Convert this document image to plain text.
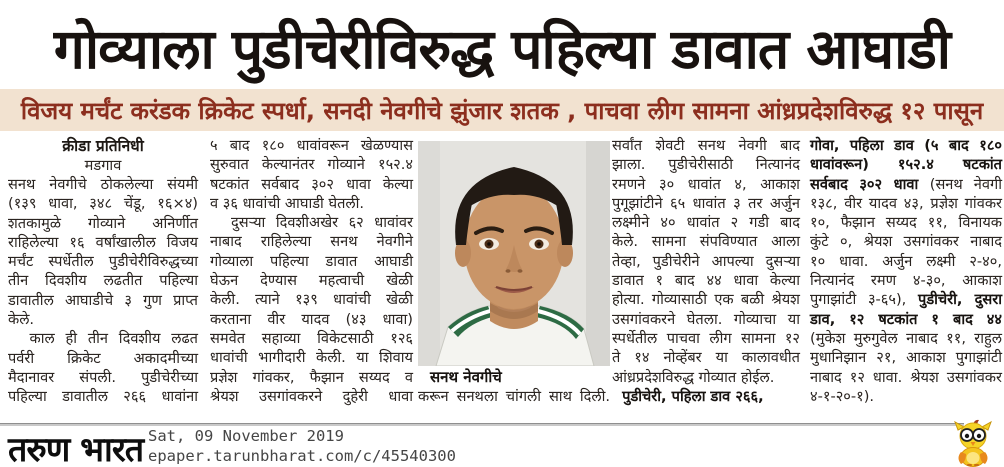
गोव्याला पुडीचेरीविरुद्ध पहिल्या डावात आघाडी
विजय मर्चंट करंडक क्रिकेट स्पर्धा, सनदी नेवगीचे झुंजार शतक , पाचवा लीग सामना आंध्रप्रदेशविरुद्ध १२ पासून
क्रीडा प्रतिनिधी
मडगाव
सनथ नेवगीचे ठोकलेल्या संयमी
(१३९ धावा, ३४८ चेंडू, १६×४)
शतकामुळे गोव्याने अनिर्णीत
राहिलेल्या १६ वर्षांखालील विजय
मर्चंट स्पर्धेतील पुडीचेरीविरुद्धच्या
तीन दिवशीय लढतीत पहिल्या
डावातील आघाडीचे ३ गुण प्राप्त
केले.
काल ही तीन दिवशीय लढत
पर्वरी क्रिकेट अकादमीच्या
मैदानावर संपली. पुडीचेरीच्या
पहिल्या डावातील २६६ धावांना
५ बाद १८० धावांवरून खेळण्यास
सुरुवात केल्यानंतर गोव्याने १५२.४
षटकांत सर्वबाद ३०२ धावा केल्या
व ३६ धावांची आघाडी घेतली.
दुसऱ्या दिवशीअखेर ६२ धावांवर
नाबाद राहिलेल्या सनथ नेवगीने
गोव्याला पहिल्या डावात आघाडी
घेऊन देण्यास महत्वाची खेळी
केली. त्याने १३९ धावांची खेळी
करताना वीर यादव (४३ धावा)
समवेत सहाव्या विकेटसाठी १२६
धावांची भागीदारी केली. या शिवाय
प्रज्ञेश गांवकर, फैझान सय्यद व
श्रेयश उसगांवकरने दुहेरी धावा
सनथ नेवगीचे
करून सनथला चांगली साथ दिली.
सर्वांत शेवटी सनथ नेवगी बाद
झाला. पुडीचेरीसाठी नित्यानंद
रमणने ३० धावांत ४, आकाश
पुगूझांटीने ६५ धावांत ३ तर अर्जुन
लक्ष्मीने ४० धावांत २ गडी बाद
केले. सामना संपविण्यात आला
तेव्हा, पुडीचेरीने आपल्या दुसऱ्या
डावात १ बाद ४४ धावा केल्या
होत्या. गोव्यासाठी एक बळी श्रेयश
उसगांवकरने घेतला. गोव्याचा या
स्पर्धेतील पाचवा लीग सामना १२
ते १४ नोव्हेंबर या कालावधीत
आंध्रप्रदेशविरुद्ध गोव्यात होईल.
पुडीचेरी, पहिला डाव २६६,
गोवा, पहिला डाव (५ बाद १८०
धावांवरून) १५२.४ षटकांत
सर्वबाद ३०२ धावा (सनथ नेवगी
१३८, वीर यादव ४३, प्रज्ञेश गांवकर
१०, फैझान सय्यद ११, विनायक
कुंटे ०, श्रेयश उसगांवकर नाबाद
१० धावा. अर्जुन लक्ष्मी २-४०,
नित्यानंद रमण ४-३०, आकाश
पुगाझांटी ३-६५), पुडीचेरी, दुसरा
डाव, १२ षटकांत १ बाद ४४
(मुकेश मुरुगुवेल नाबाद ११, राहुल
मुधानिझान २१, आकाश पुगाझांटी
नाबाद १२ धावा. श्रेयश उसगांवकर
४-१-२०-१).
तरुण भारत Sat, 09 November 2019
epaper.tarunbharat.com/c/45540300
